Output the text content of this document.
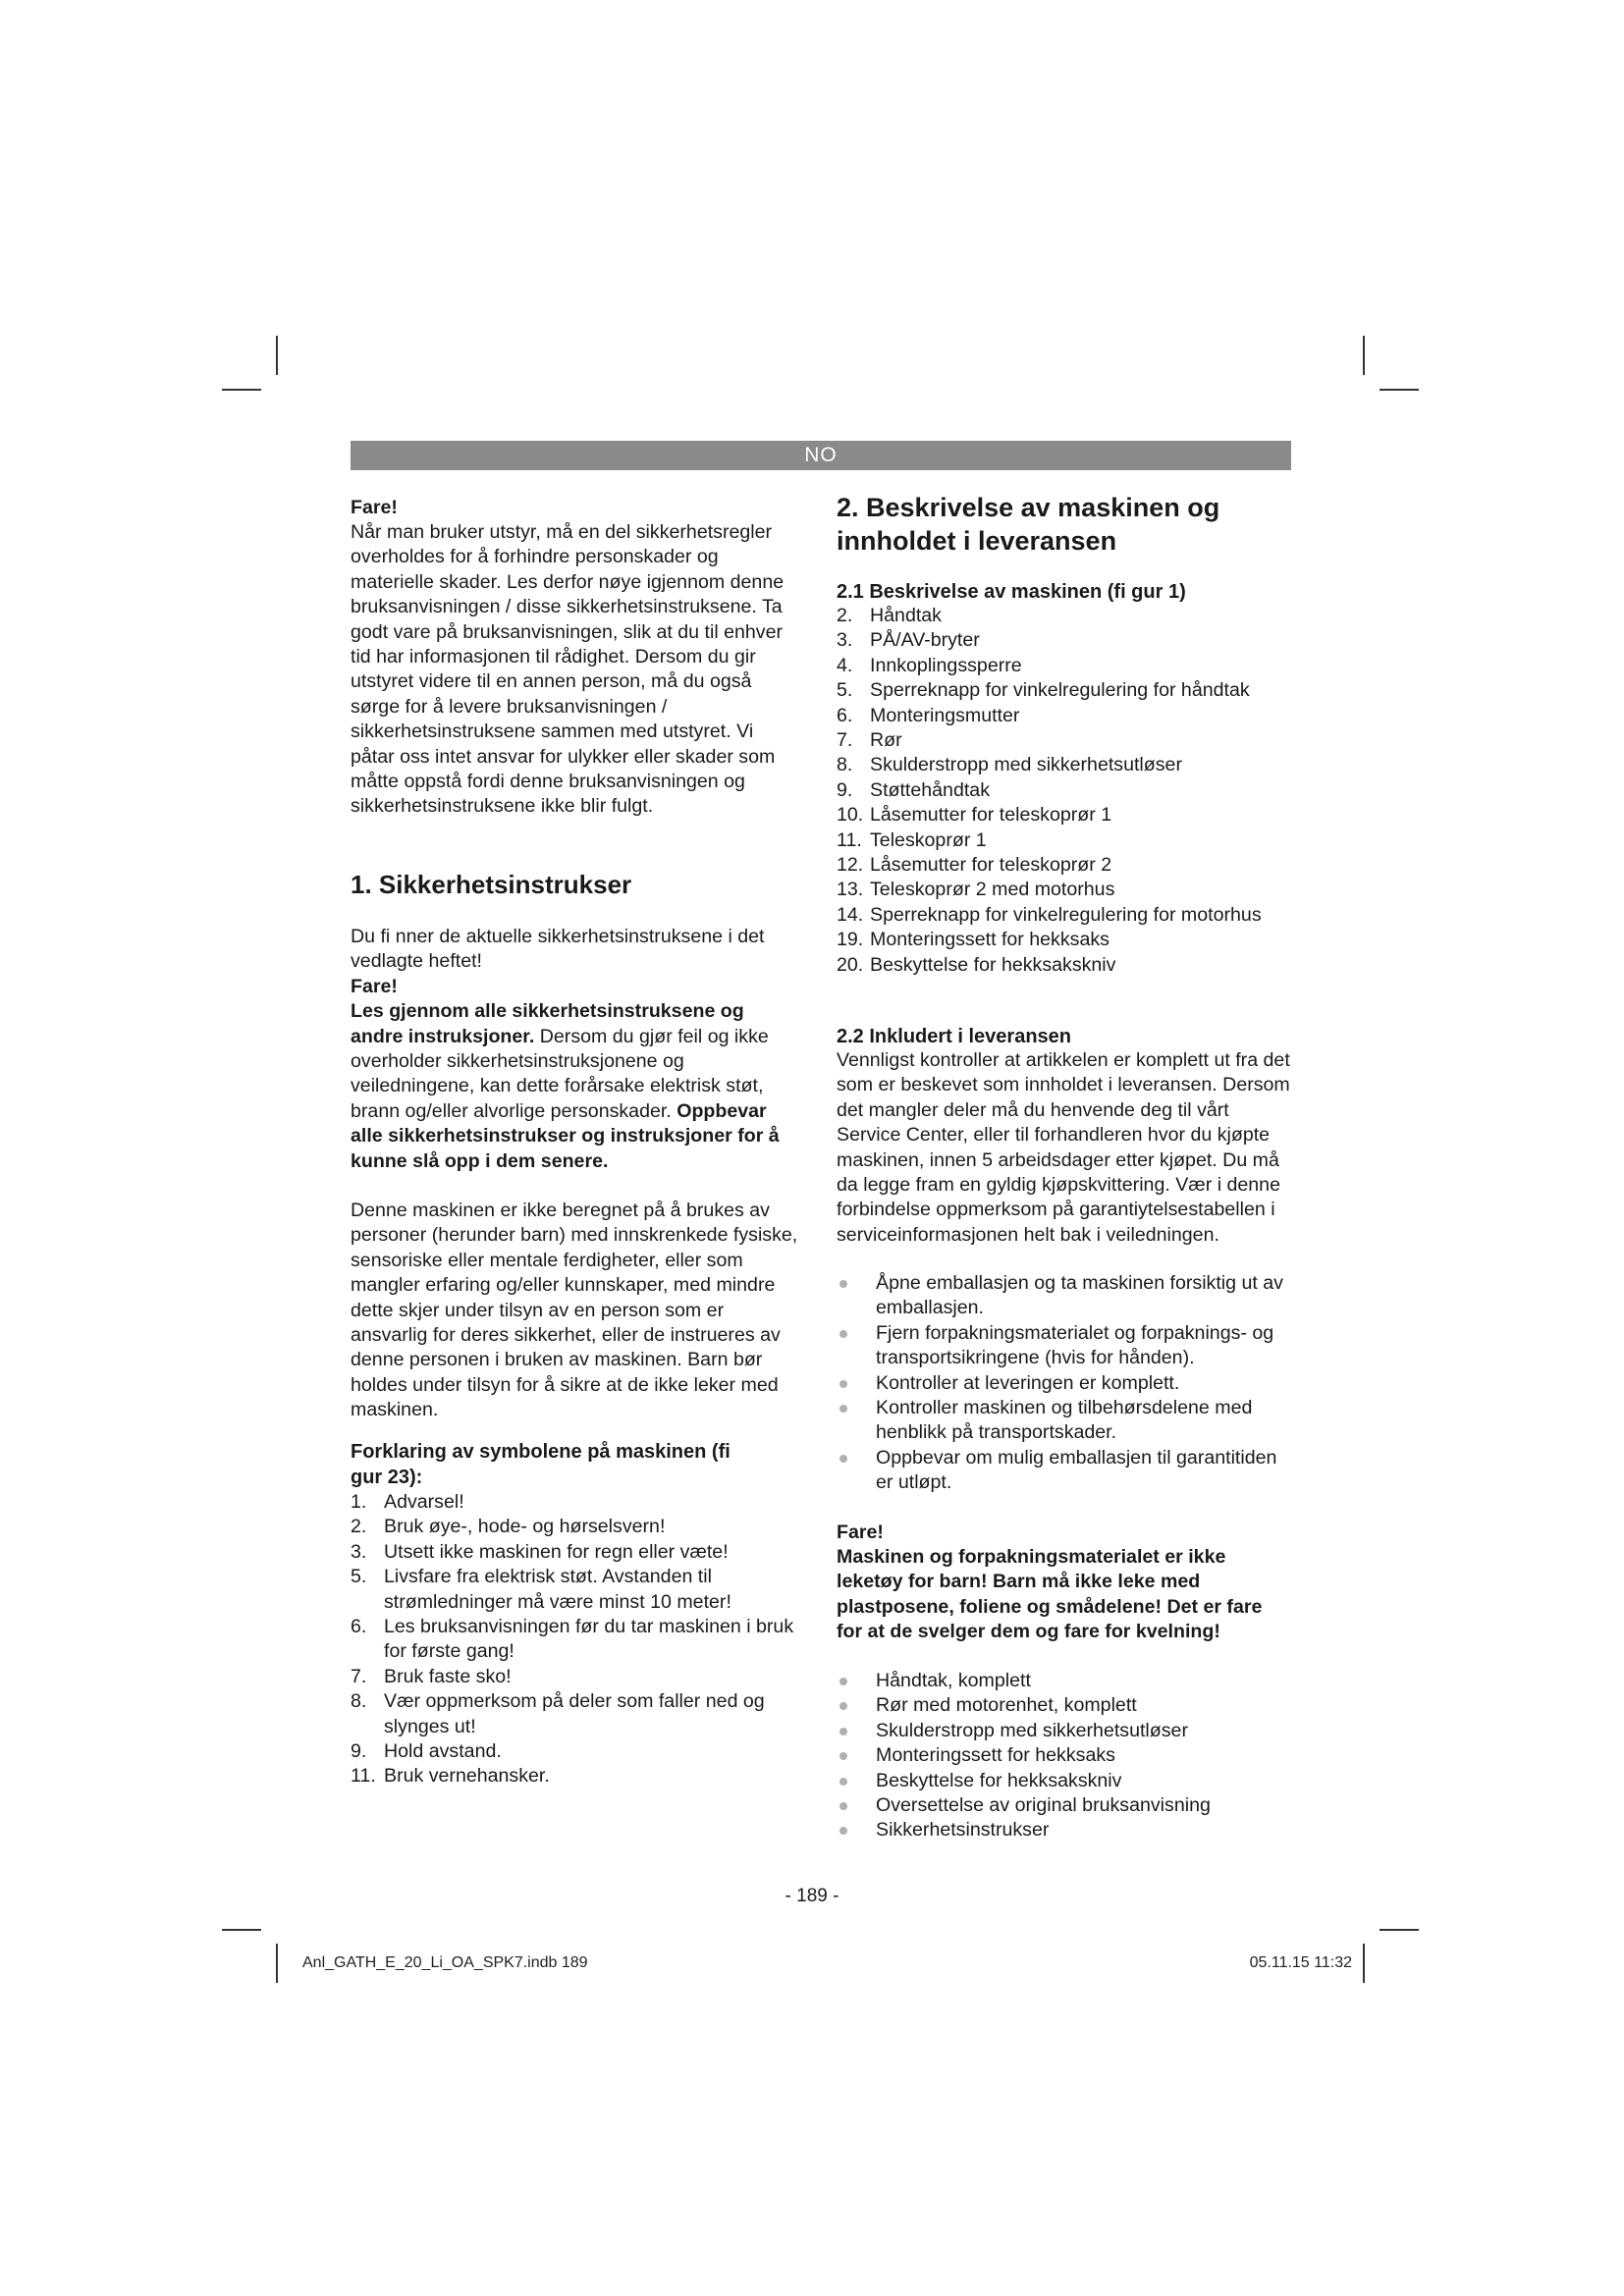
NO

Fare!

Når man bruker utstyr, må en del sikkerhetsregler overholdes for å forhindre personskader og materielle skader. Les derfor nøye igjennom denne bruksanvisningen / disse sikkerhetsinstruksene. Ta godt vare på bruksanvisningen, slik at du til enhver tid har informasjonen til rådighet. Dersom du gir utstyret videre til en annen person, må du også sørge for å levere bruksanvisningen / sikkerhetsinstruksene sammen med utstyret. Vi påtar oss intet ansvar for ulykker eller skader som måtte oppstå fordi denne bruksanvisningen og sikkerhetsinstruksene ikke blir fulgt.

1. Sikkerhetsinstrukser

Du fi nner de aktuelle sikkerhetsinstruksene i det vedlagte heftet!

Fare!

Les gjennom alle sikkerhetsinstruksene og andre instruksjoner. Dersom du gjør feil og ikke overholder sikkerhetsinstruksjonene og veiledningene, kan dette forårsake elektrisk støt, brann og/eller alvorlige personskader. Oppbevar alle sikkerhetsinstrukser og instruksjoner for å kunne slå opp i dem senere.

Denne maskinen er ikke beregnet på å brukes av personer (herunder barn) med innskrenkede fysiske, sensoriske eller mentale ferdigheter, eller som mangler erfaring og/eller kunnskaper, med mindre dette skjer under tilsyn av en person som er ansvarlig for deres sikkerhet, eller de instrueres av denne personen i bruken av maskinen. Barn bør holdes under tilsyn for å sikre at de ikke leker med maskinen.

Forklaring av symbolene på maskinen (fi gur 23):

1. Advarsel!
2. Bruk øye-, hode- og hørselsvern!
3. Utsett ikke maskinen for regn eller væte!
5. Livsfare fra elektrisk støt. Avstanden til strømledninger må være minst 10 meter!
6. Les bruksanvisningen før du tar maskinen i bruk for første gang!
7. Bruk faste sko!
8. Vær oppmerksom på deler som faller ned og slynges ut!
9. Hold avstand.
11. Bruk vernehansker.

2. Beskrivelse av maskinen og innholdet i leveransen

2.1 Beskrivelse av maskinen (fi gur 1)

2. Håndtak
3. PÅ/AV-bryter
4. Innkoplingssperre
5. Sperreknapp for vinkelregulering for håndtak
6. Monteringsmutter
7. Rør
8. Skulderstropp med sikkerhetsutløser
9. Støttehåndtak
10. Låsemutter for teleskoprør 1
11. Teleskoprør 1
12. Låsemutter for teleskoprør 2
13. Teleskoprør 2 med motorhus
14. Sperreknapp for vinkelregulering for motorhus
19. Monteringssett for hekksaks
20. Beskyttelse for hekksakskniv

2.2 Inkludert i leveransen

Vennligst kontroller at artikkelen er komplett ut fra det som er beskevet som innholdet i leveransen. Dersom det mangler deler må du henvende deg til vårt Service Center, eller til forhandleren hvor du kjøpte maskinen, innen 5 arbeidsdager etter kjøpet. Du må da legge fram en gyldig kjøpskvittering. Vær i denne forbindelse oppmerksom på garantiytelsestabellen i serviceinformasjonen helt bak i veiledningen.

Åpne emballasjen og ta maskinen forsiktig ut av emballasjen.
Fjern forpakningsmaterialet og forpaknings- og transportsikringene (hvis for hånden).
Kontroller at leveringen er komplett.
Kontroller maskinen og tilbehørsdelene med henblikk på transportskader.
Oppbevar om mulig emballasjen til garantitiden er utløpt.

Fare!

Maskinen og forpakningsmaterialet er ikke leketøy for barn! Barn må ikke leke med plastposene, foliene og smådelene! Det er fare for at de svelger dem og fare for kvelning!

Håndtak, komplett
Rør med motorenhet, komplett
Skulderstropp med sikkerhetsutløser
Monteringssett for hekksaks
Beskyttelse for hekksakskniv
Oversettelse av original bruksanvisning
Sikkerhetsinstrukser
- 189 -
Anl_GATH_E_20_Li_OA_SPK7.indb 189	05.11.15 11:32
